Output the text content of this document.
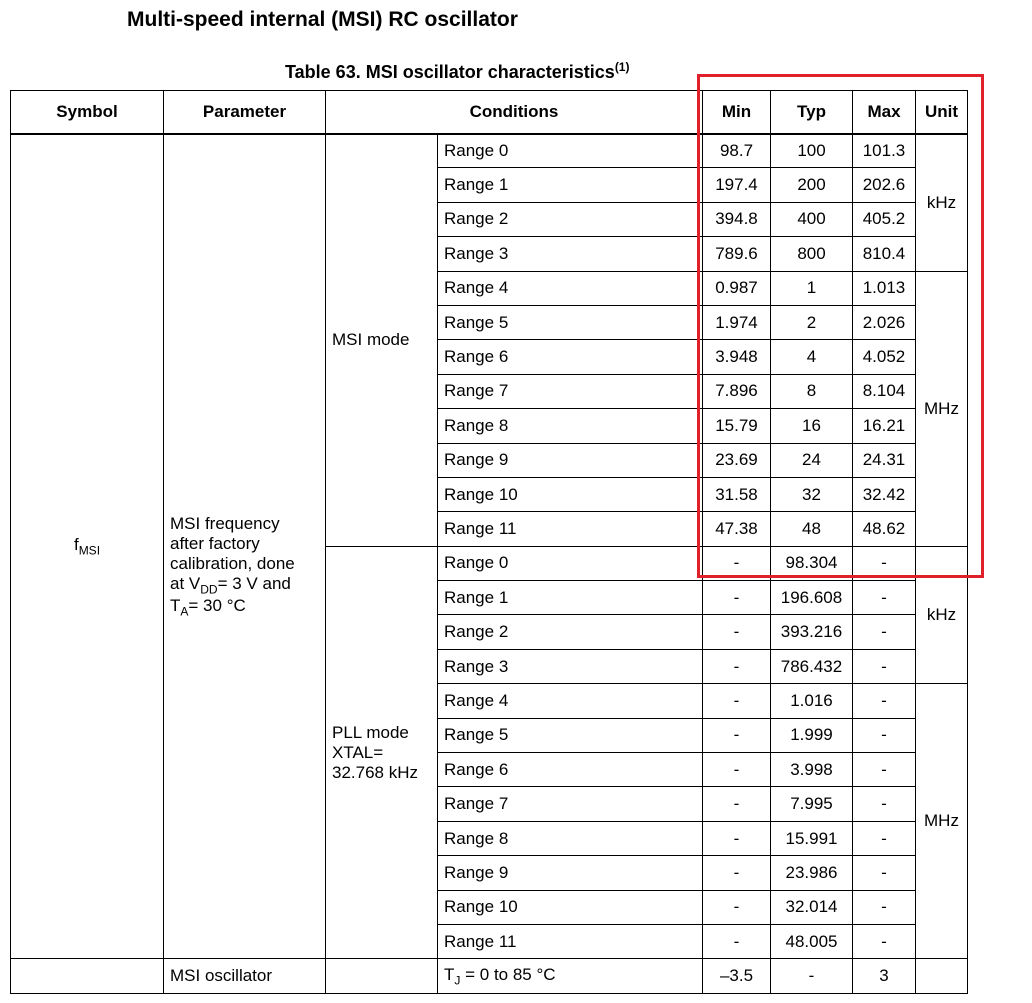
Multi-speed internal (MSI) RC oscillator
Table 63. MSI oscillator characteristics$^{(1)}$
Symbol	Parameter	Conditions		Min	Typ	Max	Unit
$f_{MSI}$	MSI frequency
after factory
calibration, done
at $V_{DD}= 3$ V and
$T_A= 30$ °C	MSI mode	Range 0	98.7	100	101.3	kHz
			Range 1	197.4	200	202.6	
			Range 2	394.8	400	405.2	
			Range 3	789.6	800	810.4	
			Range 4	0.987	1	1.013	MHz
			Range 5	1.974	2	2.026	
			Range 6	3.948	4	4.052	
			Range 7	7.896	8	8.104	
			Range 8	15.79	16	16.21	
			Range 9	23.69	24	24.31	
			Range 10	31.58	32	32.42	
			Range 11	47.38	48	48.62	
		PLL mode
XTAL=
32.768 kHz	Range 0	-	98.304	-	kHz
			Range 1	-	196.608	-	
			Range 2	-	393.216	-	
			Range 3	-	786.432	-	
			Range 4	-	1.016	-	MHz
			Range 5	-	1.999	-	
			Range 6	-	3.998	-	
			Range 7	-	7.995	-	
			Range 8	-	15.991	-	
			Range 9	-	23.986	-	
			Range 10	-	32.014	-	
			Range 11	-	48.005	-	
	MSI oscillator		$T_J = 0$ to 85 °C	–3.5	-	3	
